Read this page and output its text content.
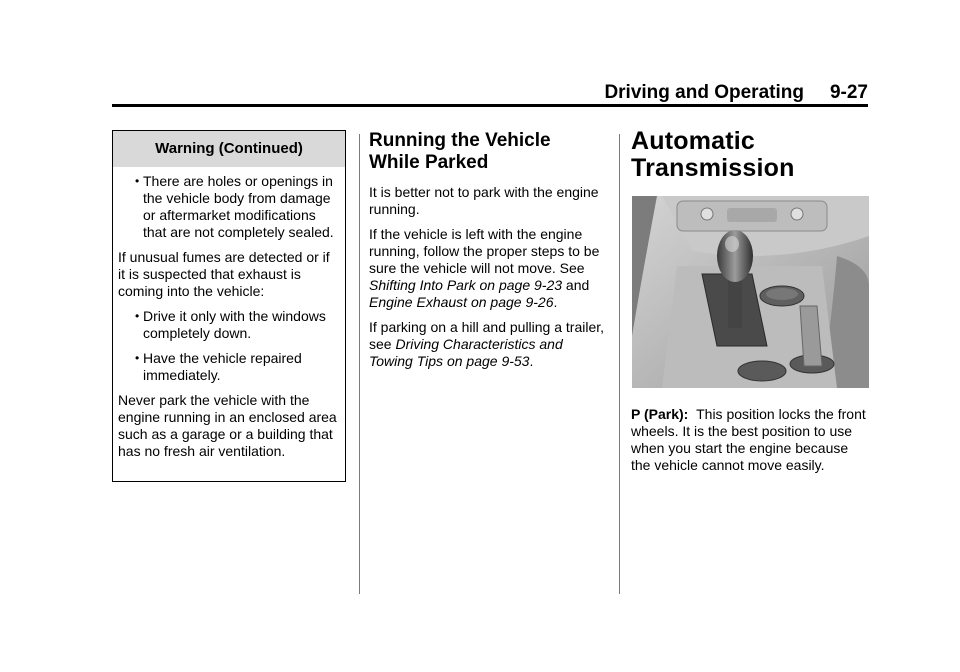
Driving and Operating 9-27
Warning (Continued)
• There are holes or openings in the vehicle body from damage or aftermarket modifications that are not completely sealed.
If unusual fumes are detected or if it is suspected that exhaust is coming into the vehicle:
• Drive it only with the windows completely down.
• Have the vehicle repaired immediately.
Never park the vehicle with the engine running in an enclosed area such as a garage or a building that has no fresh air ventilation.
Running the Vehicle
While Parked
It is better not to park with the engine running.
If the vehicle is left with the engine running, follow the proper steps to be sure the vehicle will not move. See Shifting Into Park on page 9-23 and Engine Exhaust on page 9-26.
If parking on a hill and pulling a trailer, see Driving Characteristics and Towing Tips on page 9-53.
Automatic
Transmission
P (Park): This position locks the front wheels. It is the best position to use when you start the engine because the vehicle cannot move easily.
